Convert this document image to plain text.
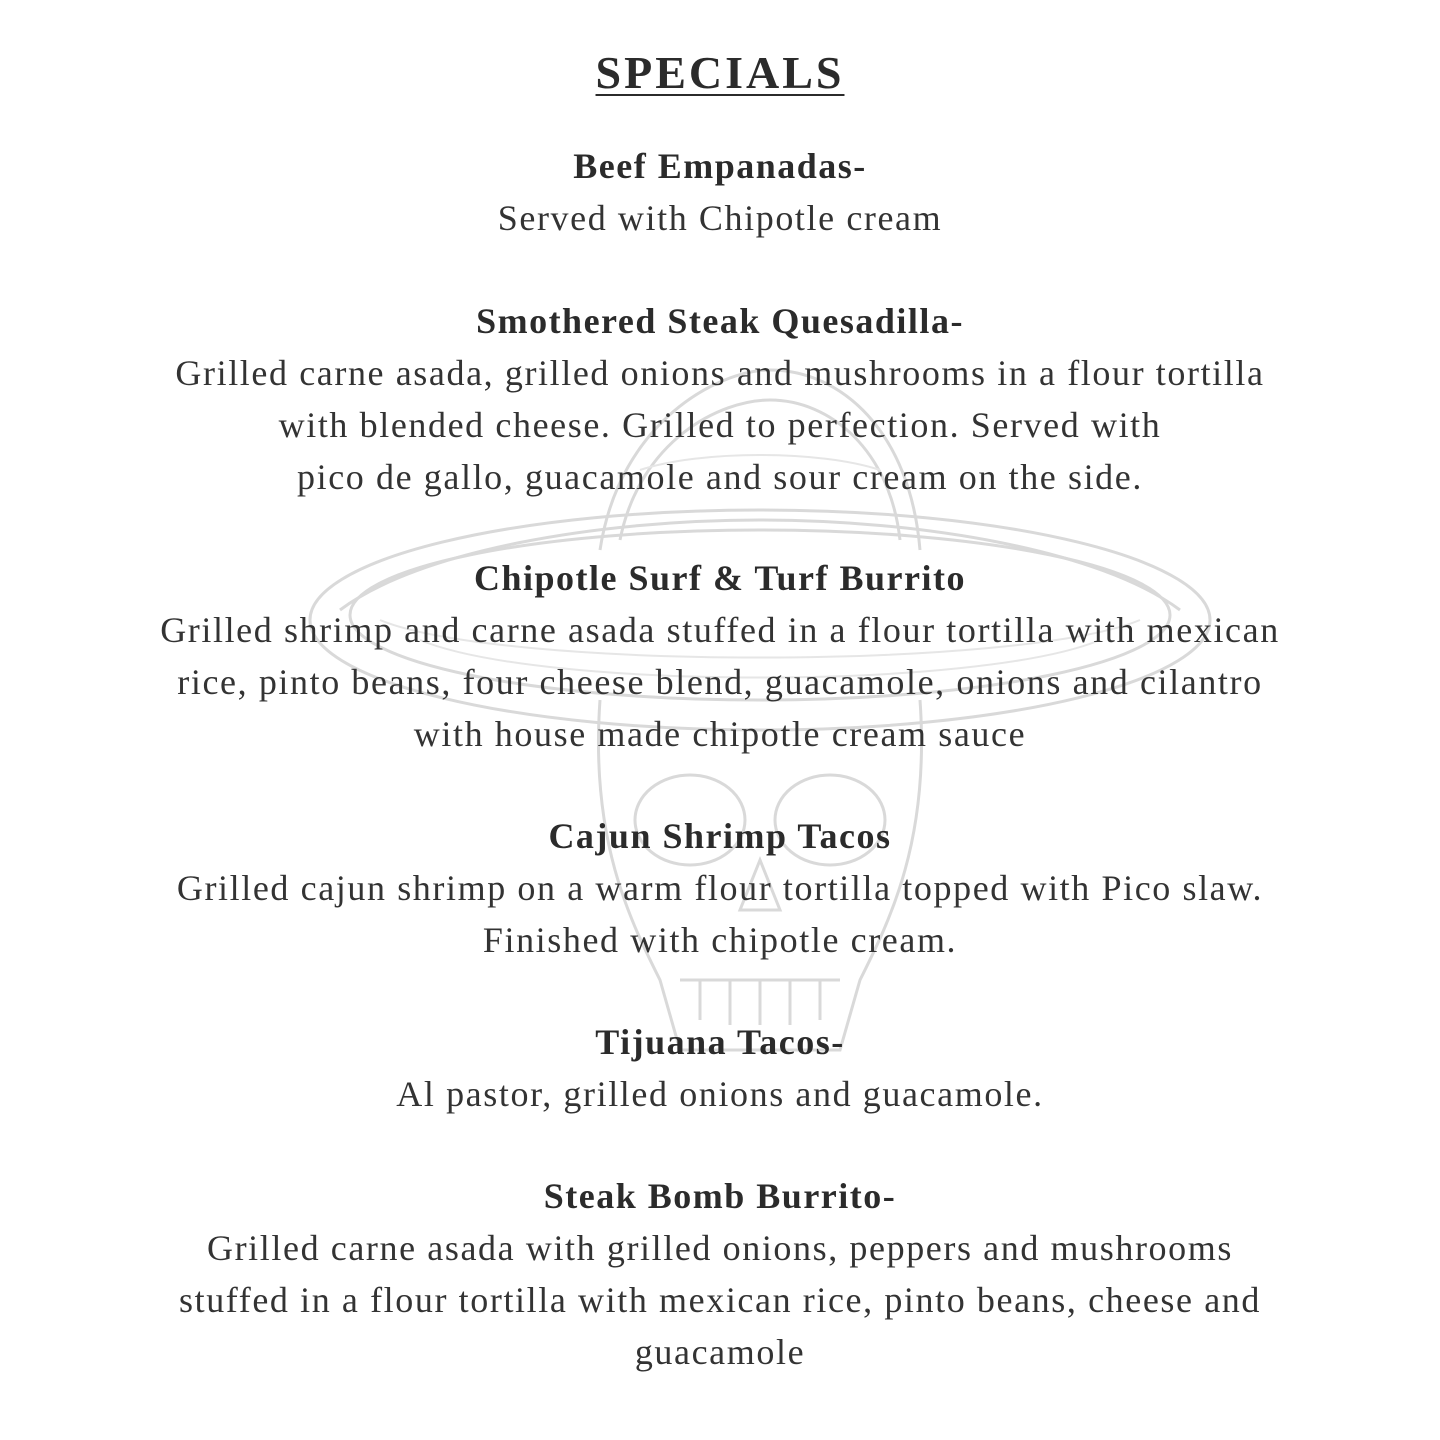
SPECIALS
Beef Empanadas-
Served with Chipotle cream
Smothered Steak Quesadilla-
Grilled carne asada, grilled onions and mushrooms in a flour tortilla
with blended cheese. Grilled to perfection. Served with
pico de gallo, guacamole and sour cream on the side.
Chipotle Surf & Turf Burrito
Grilled shrimp and carne asada stuffed in a flour tortilla with mexican
rice, pinto beans, four cheese blend, guacamole, onions and cilantro
with house made chipotle cream sauce
Cajun Shrimp Tacos
Grilled cajun shrimp on a warm flour tortilla topped with Pico slaw.
Finished with chipotle cream.
Tijuana Tacos-
Al pastor, grilled onions and guacamole.
Steak Bomb Burrito-
Grilled carne asada with grilled onions, peppers and mushrooms
stuffed in a flour tortilla with mexican rice, pinto beans, cheese and
guacamole
